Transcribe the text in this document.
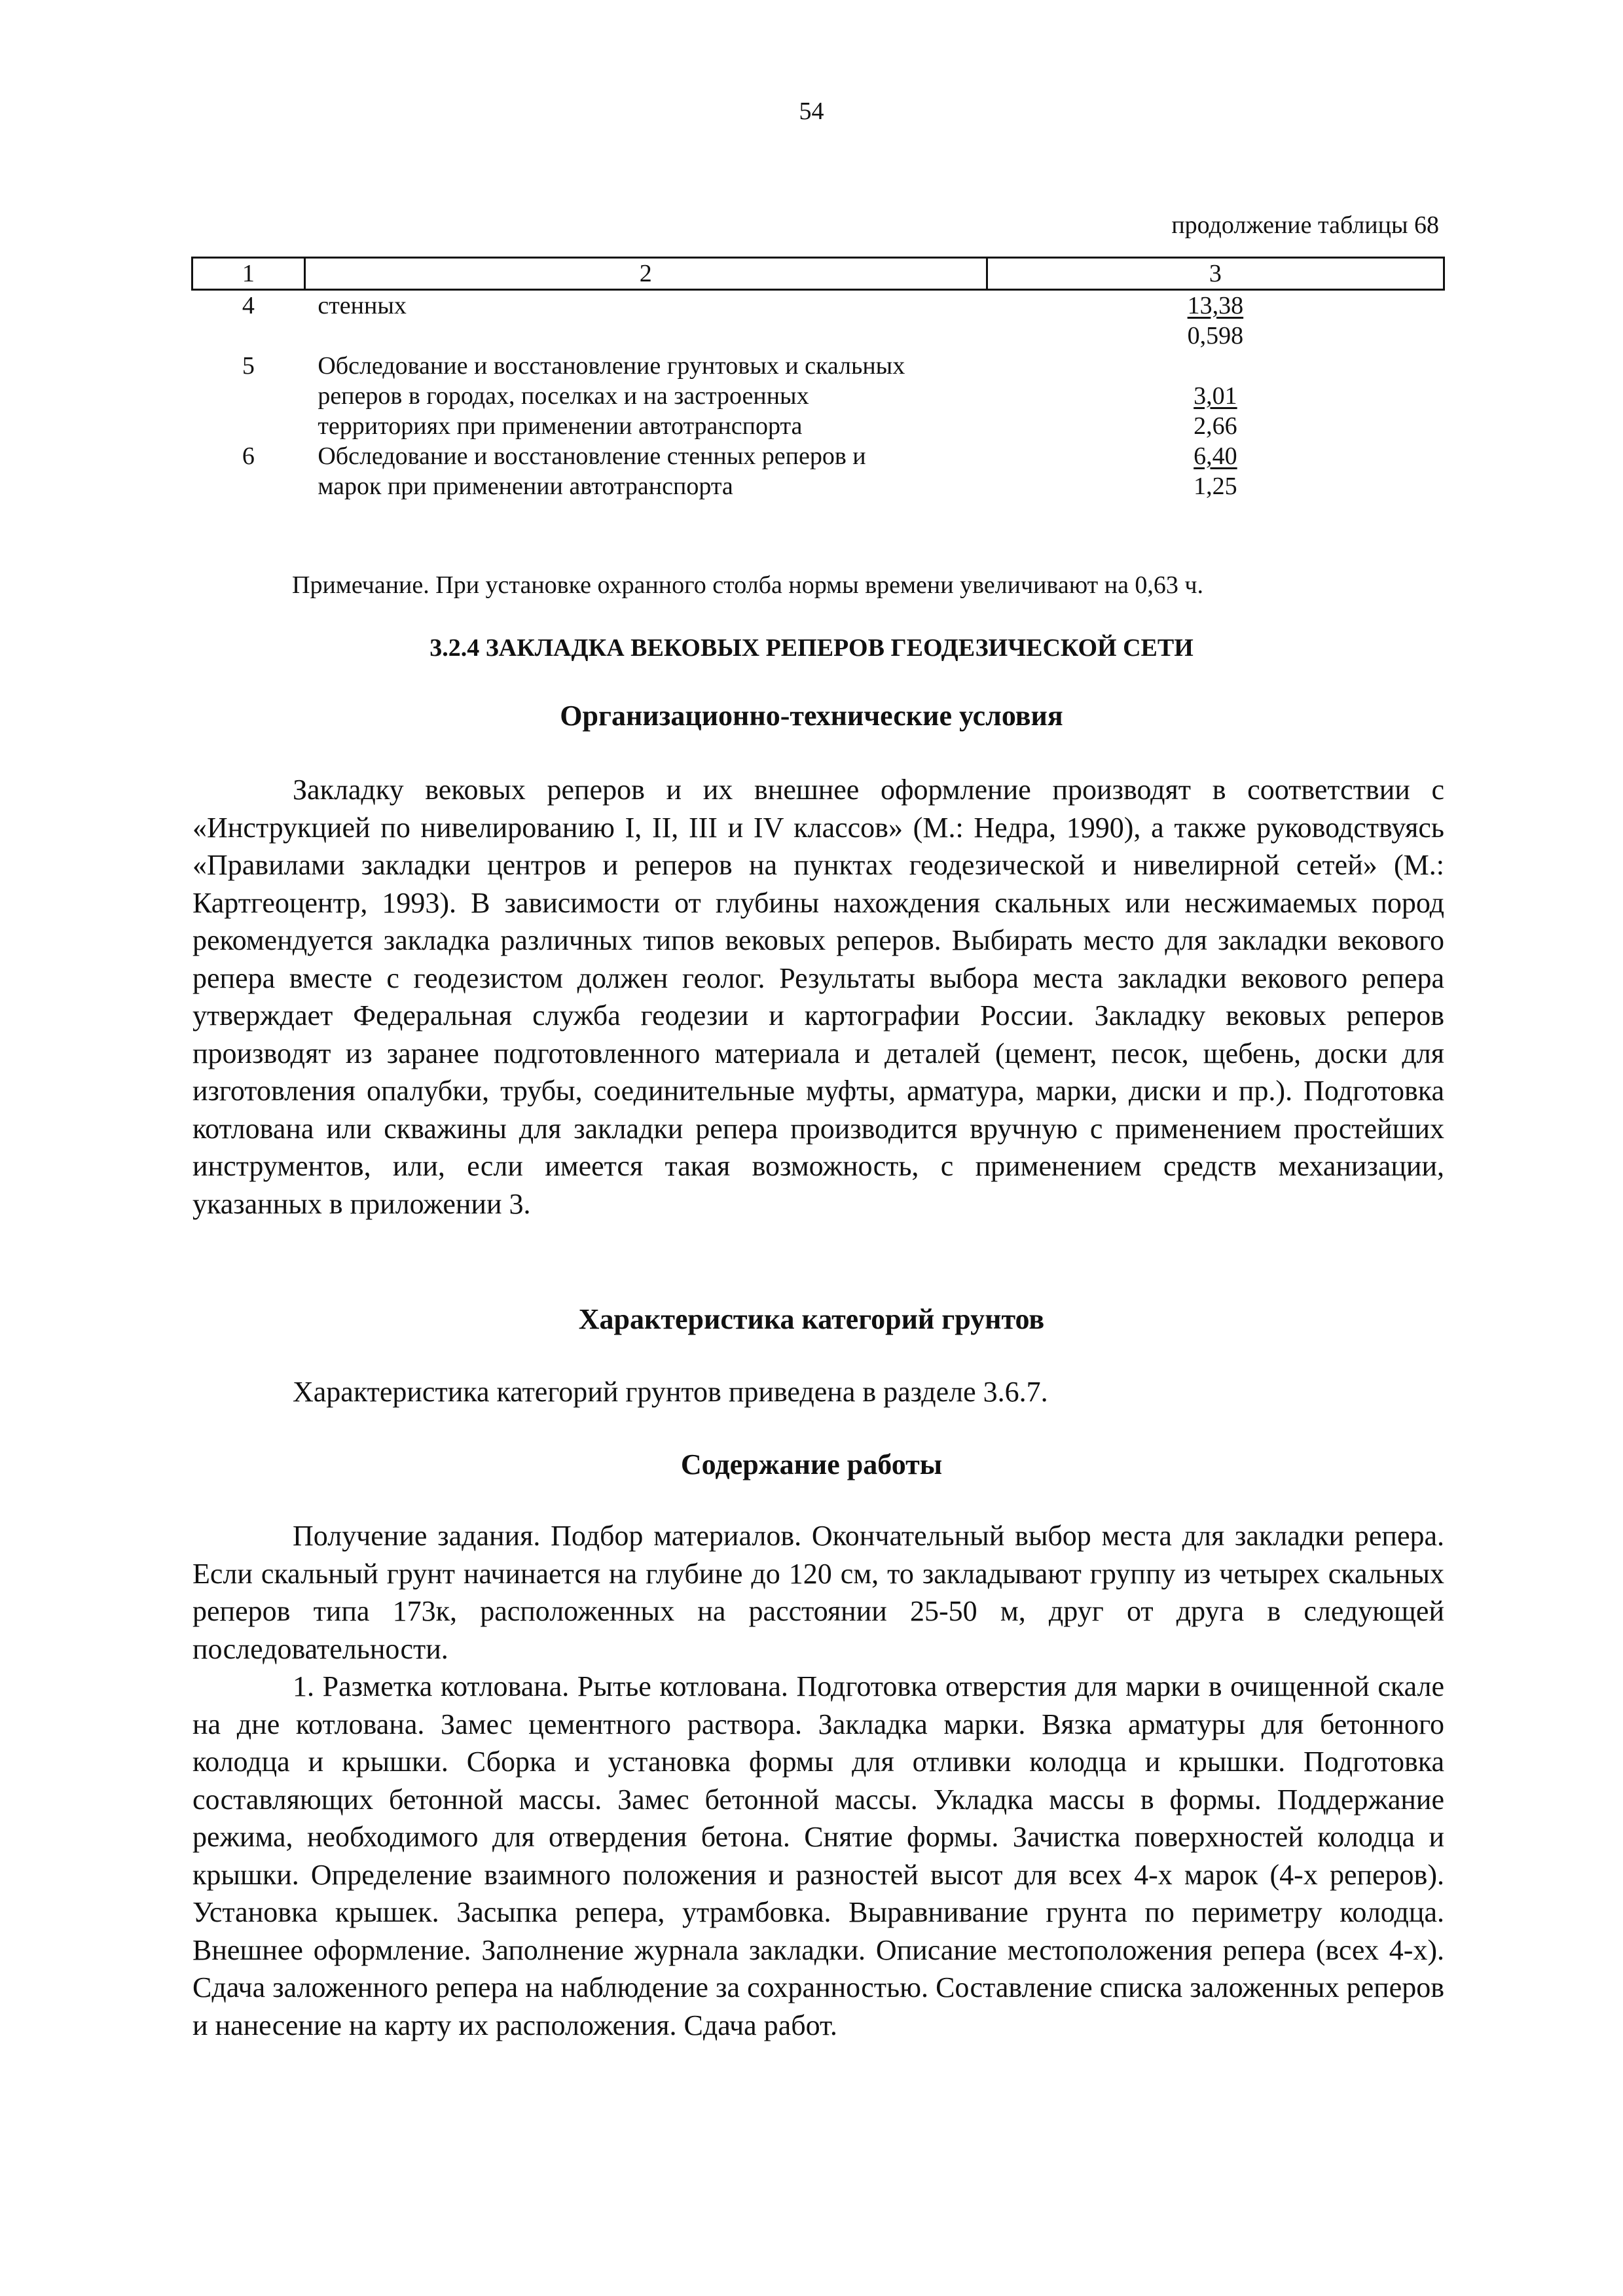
54
продолжение таблицы 68
1	2	3
4	стенных	$\frac{13,38}{0,598}$

5	Обследование и восстановление грунтовых и скальных
реперов в городах, поселках и на застроенных
территориях при применении автотранспорта	$\frac{3,01}{2,66}$

6	Обследование и восстановление стенных реперов и
марок при применении автотранспорта	$\frac{6,40}{1,25}$
Примечание. При установке охранного столба нормы времени увеличивают на 0,63 ч.
3.2.4 ЗАКЛАДКА ВЕКОВЫХ РЕПЕРОВ ГЕОДЕЗИЧЕСКОЙ СЕТИ
Организационно-технические условия

Закладку вековых реперов и их внешнее оформление производят в соответствии с «Инструкцией по нивелированию I, II, III и IV классов» (М.: Недра, 1990), а также руководствуясь «Правилами закладки центров и реперов на пунктах геодезической и нивелирной сетей» (М.: Картгеоцентр, 1993). В зависимости от глубины нахождения скальных или несжимаемых пород рекомендуется закладка различных типов вековых реперов. Выбирать место для закладки векового репера вместе с геодезистом должен геолог. Результаты выбора места закладки векового репера утверждает Федеральная служба геодезии и картографии России. Закладку вековых реперов производят из заранее подготовленного материала и деталей (цемент, песок, щебень, доски для изготовления опалубки, трубы, соединительные муфты, арматура, марки, диски и пр.). Подготовка котлована или скважины для закладки репера производится вручную с применением простейших инструментов, или, если имеется такая возможность, с применением средств механизации, указанных в приложении 3.

Характеристика категорий грунтов

Характеристика категорий грунтов приведена в разделе 3.6.7.

Содержание работы

Получение задания. Подбор материалов. Окончательный выбор места для закладки репера. Если скальный грунт начинается на глубине до 120 см, то закладывают группу из четырех скальных реперов типа 173к, расположенных на расстоянии 25-50 м, друг от друга в следующей последовательности.

1. Разметка котлована. Рытье котлована. Подготовка отверстия для марки в очищенной скале на дне котлована. Замес цементного раствора. Закладка марки. Вязка арматуры для бетонного колодца и крышки. Сборка и установка формы для отливки колодца и крышки. Подготовка составляющих бетонной массы. Замес бетонной массы. Укладка массы в формы. Поддержание режима, необходимого для отвердения бетона. Снятие формы. Зачистка поверхностей колодца и крышки. Определение взаимного положения и разностей высот для всех 4-х марок (4-х реперов). Установка крышек. Засыпка репера, утрамбовка. Выравнивание грунта по периметру колодца. Внешнее оформление. Заполнение журнала закладки. Описание местоположения репера (всех 4-х). Сдача заложенного репера на наблюдение за сохранностью. Составление списка заложенных реперов и нанесение на карту их расположения. Сдача работ.
